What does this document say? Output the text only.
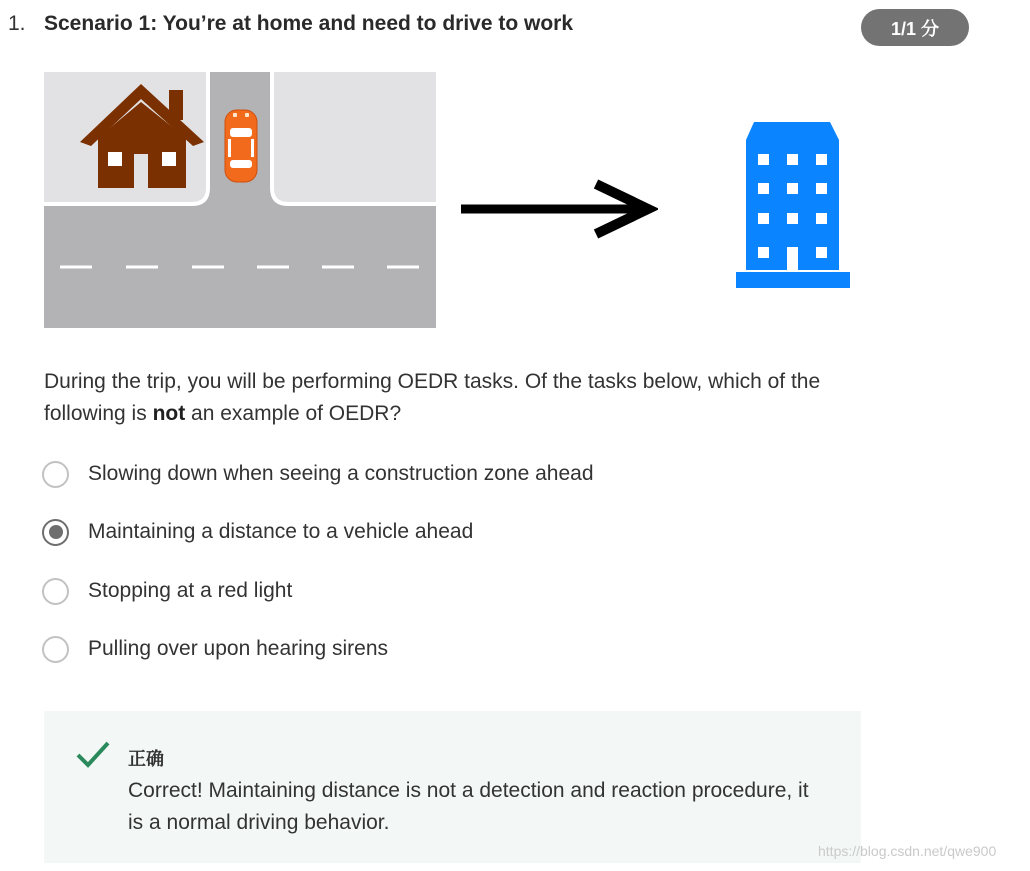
1. Scenario 1: You’re at home and need to drive to work	1/1 分
During the trip, you will be performing OEDR tasks. Of the tasks below, which of the following is not an example of OEDR?
Slowing down when seeing a construction zone ahead
Maintaining a distance to a vehicle ahead
Stopping at a red light
Pulling over upon hearing sirens
正确
Correct! Maintaining distance is not a detection and reaction procedure, it is a normal driving behavior.
https://blog.csdn.net/qwe900
